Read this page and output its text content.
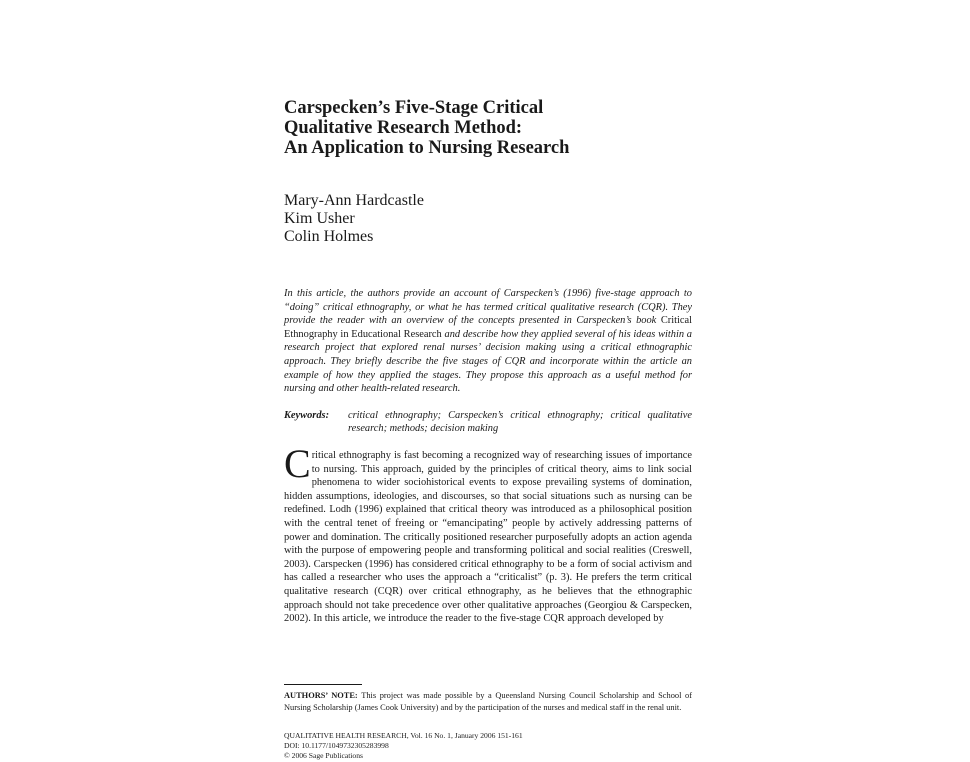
Carspecken’s Five-Stage Critical
Qualitative Research Method:
An Application to Nursing Research
Mary-Ann Hardcastle
Kim Usher
Colin Holmes
In this article, the authors provide an account of Carspecken’s (1996) five-stage approach to “doing” critical ethnography, or what he has termed critical qualitative research (CQR). They provide the reader with an overview of the concepts presented in Carspecken’s book Critical Ethnography in Educational Research and describe how they applied several of his ideas within a research project that explored renal nurses’ decision making using a critical ethnographic approach. They briefly describe the five stages of CQR and incorporate within the article an example of how they applied the stages. They propose this approach as a useful method for nursing and other health-related research.
Keywords:	critical ethnography; Carspecken’s critical ethnography; critical qualitative research; methods; decision making
Critical ethnography is fast becoming a recognized way of researching issues of importance to nursing. This approach, guided by the principles of critical theory, aims to link social phenomena to wider sociohistorical events to expose prevailing systems of domination, hidden assumptions, ideologies, and discourses, so that social situations such as nursing can be redefined. Lodh (1996) explained that critical theory was introduced as a philosophical position with the central tenet of freeing or “emancipating” people by actively addressing patterns of power and domination. The critically positioned researcher purposefully adopts an action agenda with the purpose of empowering people and transforming political and social realities (Creswell, 2003). Carspecken (1996) has considered critical ethnography to be a form of social activism and has called a researcher who uses the approach a “criticalist” (p. 3). He prefers the term critical qualitative research (CQR) over critical ethnography, as he believes that the ethnographic approach should not take precedence over other qualitative approaches (Georgiou & Carspecken, 2002). In this article, we introduce the reader to the five-stage CQR approach developed by
AUTHORS’ NOTE: This project was made possible by a Queensland Nursing Council Scholarship and School of Nursing Scholarship (James Cook University) and by the participation of the nurses and medical staff in the renal unit.
QUALITATIVE HEALTH RESEARCH, Vol. 16 No. 1, January 2006 151-161
DOI: 10.1177/1049732305283998
© 2006 Sage Publications
